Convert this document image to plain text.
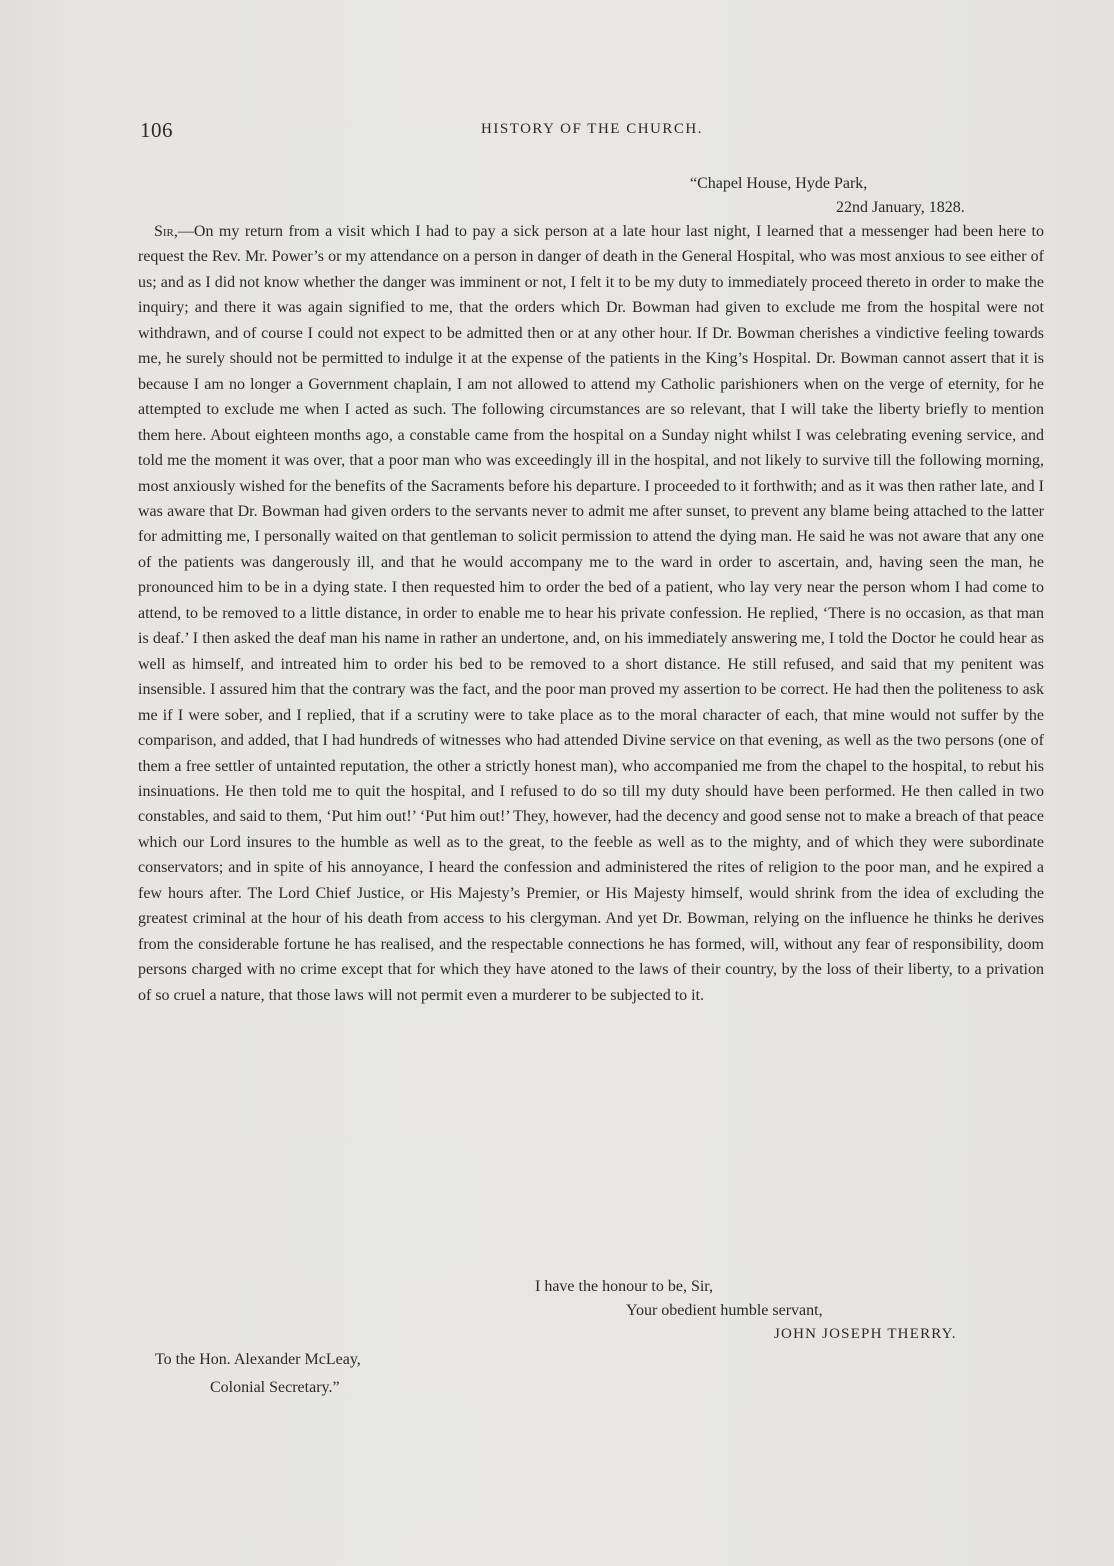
106	HISTORY OF THE CHURCH.
“Chapel House, Hyde Park,
22nd January, 1828.
 Sir,—On my return from a visit which I had to pay a sick person at a late hour last night, I learned that a messenger had been here to request the Rev. Mr. Power’s or my attendance on a person in danger of death in the General Hospital, who was most anxious to see either of us; and as I did not know whether the danger was imminent or not, I felt it to be my duty to immediately proceed thereto in order to make the inquiry; and there it was again signified to me, that the orders which Dr. Bowman had given to exclude me from the hospital were not withdrawn, and of course I could not expect to be admitted then or at any other hour. If Dr. Bowman cherishes a vindictive feeling towards me, he surely should not be permitted to indulge it at the expense of the patients in the King’s Hospital. Dr. Bowman cannot assert that it is because I am no longer a Government chaplain, I am not allowed to attend my Catholic parishioners when on the verge of eternity, for he attempted to exclude me when I acted as such. The following circumstances are so relevant, that I will take the liberty briefly to mention them here. About eighteen months ago, a constable came from the hospital on a Sunday night whilst I was celebrating evening service, and told me the moment it was over, that a poor man who was exceedingly ill in the hospital, and not likely to survive till the following morning, most anxiously wished for the benefits of the Sacraments before his departure. I proceeded to it forthwith; and as it was then rather late, and I was aware that Dr. Bowman had given orders to the servants never to admit me after sunset, to prevent any blame being attached to the latter for admitting me, I personally waited on that gentleman to solicit permission to attend the dying man. He said he was not aware that any one of the patients was dangerously ill, and that he would accompany me to the ward in order to ascertain, and, having seen the man, he pronounced him to be in a dying state. I then requested him to order the bed of a patient, who lay very near the person whom I had come to attend, to be removed to a little distance, in order to enable me to hear his private confession. He replied, ‘There is no occasion, as that man is deaf.’ I then asked the deaf man his name in rather an undertone, and, on his immediately answering me, I told the Doctor he could hear as well as himself, and intreated him to order his bed to be removed to a short distance. He still refused, and said that my penitent was insensible. I assured him that the contrary was the fact, and the poor man proved my assertion to be correct. He had then the politeness to ask me if I were sober, and I replied, that if a scrutiny were to take place as to the moral character of each, that mine would not suffer by the comparison, and added, that I had hundreds of witnesses who had attended Divine service on that evening, as well as the two persons (one of them a free settler of untainted reputation, the other a strictly honest man), who accompanied me from the chapel to the hospital, to rebut his insinuations. He then told me to quit the hospital, and I refused to do so till my duty should have been performed. He then called in two constables, and said to them, ‘Put him out!’ ‘Put him out!’ They, however, had the decency and good sense not to make a breach of that peace which our Lord insures to the humble as well as to the great, to the feeble as well as to the mighty, and of which they were subordinate conservators; and in spite of his annoyance, I heard the confession and administered the rites of religion to the poor man, and he expired a few hours after. The Lord Chief Justice, or His Majesty’s Premier, or His Majesty himself, would shrink from the idea of excluding the greatest criminal at the hour of his death from access to his clergyman. And yet Dr. Bowman, relying on the influence he thinks he derives from the considerable fortune he has realised, and the respectable connections he has formed, will, without any fear of responsibility, doom persons charged with no crime except that for which they have atoned to the laws of their country, by the loss of their liberty, to a privation of so cruel a nature, that those laws will not permit even a murderer to be subjected to it.
I have the honour to be, Sir,
Your obedient humble servant,
JOHN JOSEPH THERRY.
To the Hon. Alexander McLeay,
Colonial Secretary.”
